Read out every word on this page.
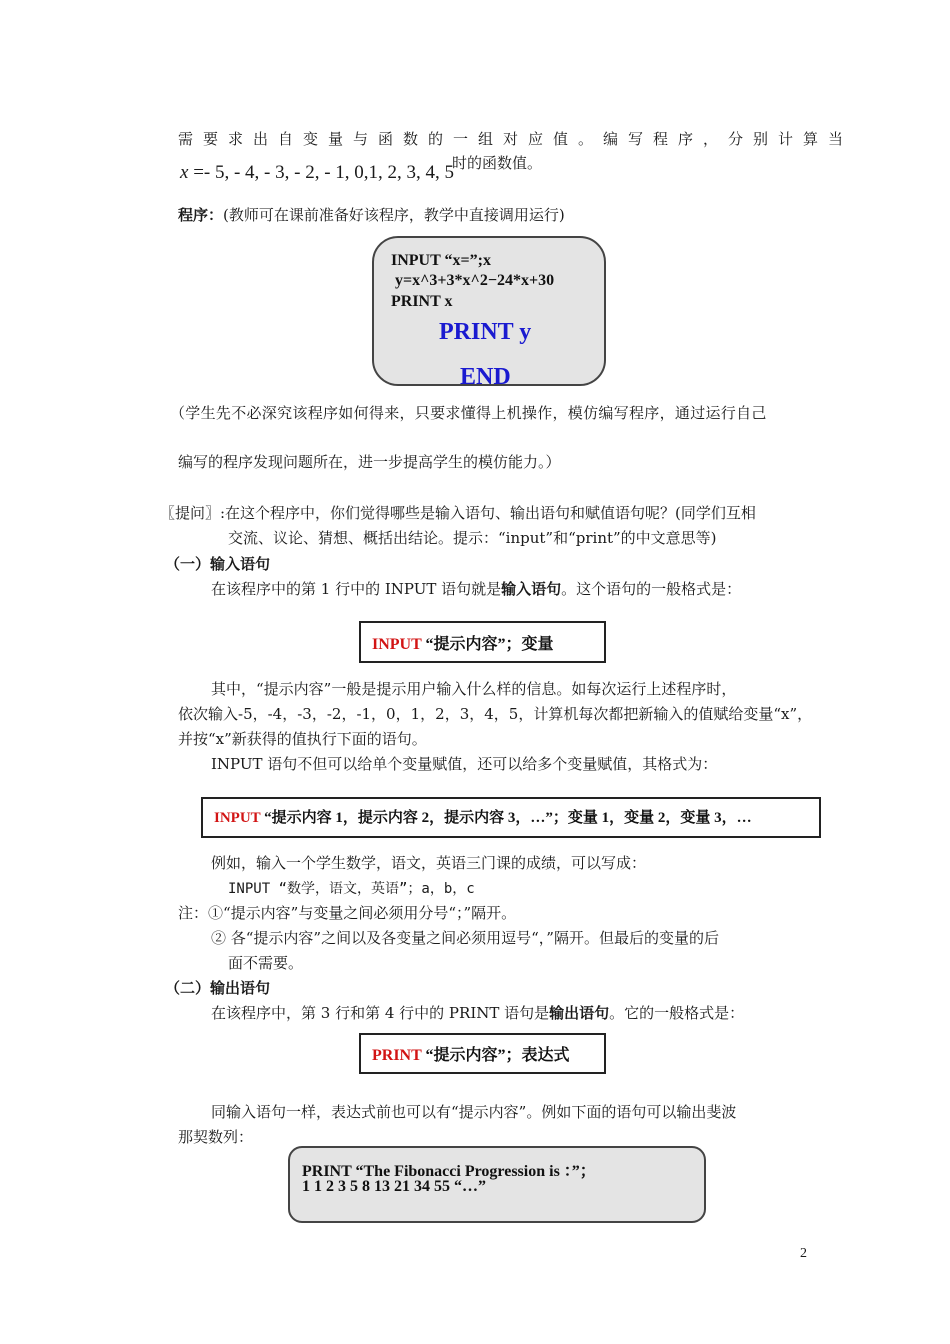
需要求出自变量与函数的一组对应值。编写程序，分别计算当
x =- 5, - 4, - 3, - 2, - 1, 0,1, 2, 3, 4, 5
时的函数值。
程序：(教师可在课前准备好该程序，教学中直接调用运行)
INPUT “x=”;x
y=x^3+3*x^2−24*x+30
PRINT x
PRINT y
END
（学生先不必深究该程序如何得来，只要求懂得上机操作，模仿编写程序，通过运行自己
编写的程序发现问题所在，进一步提高学生的模仿能力。）
〖提问〗:在这个程序中，你们觉得哪些是输入语句、输出语句和赋值语句呢？(同学们互相
交流、议论、猜想、概括出结论。提示：“input”和“print”的中文意思等)
（一）输入语句
在该程序中的第 1 行中的 INPUT 语句就是输入语句。这个语句的一般格式是：
INPUT “提示内容”；变量
其中，“提示内容”一般是提示用户输入什么样的信息。如每次运行上述程序时，
依次输入-5，-4，-3，-2，-1，0，1，2，3，4，5，计算机每次都把新输入的值赋给变量“x”，
并按“x”新获得的值执行下面的语句。
INPUT 语句不但可以给单个变量赋值，还可以给多个变量赋值，其格式为：
INPUT “提示内容 1，提示内容 2，提示内容 3，…”；变量 1，变量 2，变量 3，…
例如，输入一个学生数学，语文，英语三门课的成绩，可以写成：
INPUT “数学，语文，英语”；a，b，c
注：①“提示内容”与变量之间必须用分号“；”隔开。
② 各“提示内容”之间以及各变量之间必须用逗号“，”隔开。但最后的变量的后
面不需要。
（二）输出语句
在该程序中，第 3 行和第 4 行中的 PRINT 语句是输出语句。它的一般格式是：
PRINT “提示内容”；表达式
同输入语句一样，表达式前也可以有“提示内容”。例如下面的语句可以输出斐波
那契数列：
PRINT “The Fibonacci Progression is ：”；
1 1 2 3 5 8 13 21 34 55 “…”
2
